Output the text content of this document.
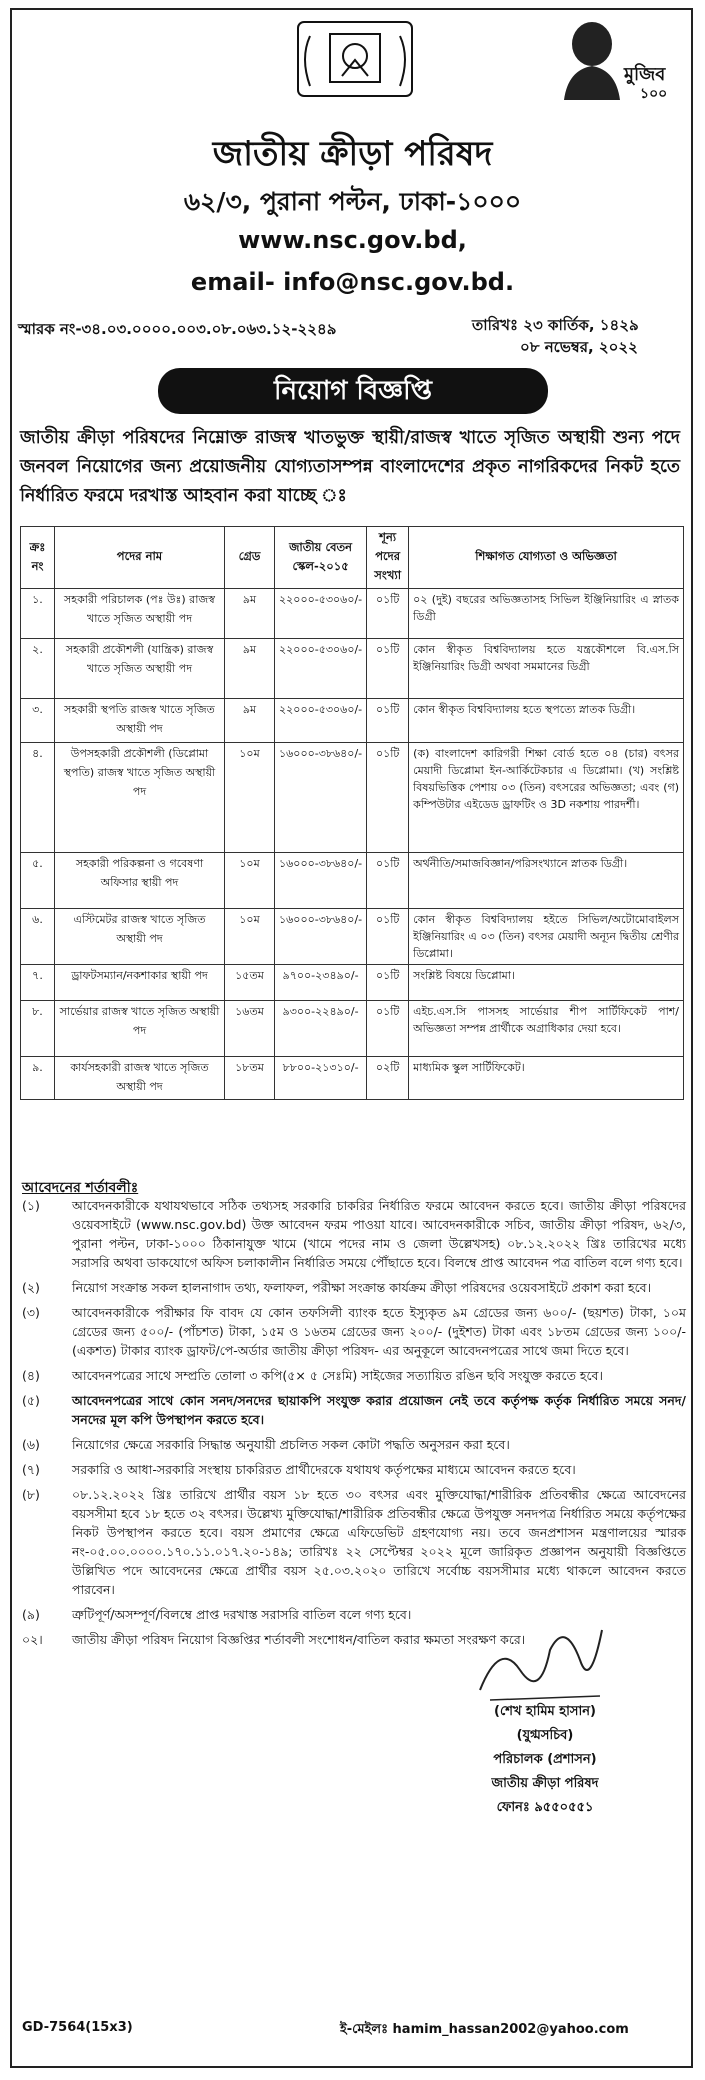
মুজিব
১০০
জাতীয় ক্রীড়া পরিষদ
৬২/৩, পুরানা পল্টন, ঢাকা-১০০০
www.nsc.gov.bd,
email- info@nsc.gov.bd.
স্মারক নং-৩৪.০৩.০০০০.০০৩.০৮.০৬৩.১২-২২৪৯	তারিখঃ ২৩ কার্তিক, ১৪২৯
০৮ নভেম্বর, ২০২২
নিয়োগ বিজ্ঞপ্তি
জাতীয় ক্রীড়া পরিষদের নিম্নোক্ত রাজস্ব খাতভুক্ত স্থায়ী/রাজস্ব খাতে সৃজিত অস্থায়ী শুন্য পদে জনবল নিয়োগের জন্য প্রয়োজনীয় যোগ্যতাসম্পন্ন বাংলাদেশের প্রকৃত নাগরিকদের নিকট হতে নির্ধারিত ফরমে দরখাস্ত আহবান করা যাচ্ছে ঃ
ক্রঃ নং	পদের নাম	গ্রেড	জাতীয় বেতন স্কেল-২০১৫	শূন্য পদের সংখ্যা	শিক্ষাগত যোগ্যতা ও অভিজ্ঞতা
১.	সহকারী পরিচালক (পঃ উঃ) রাজস্ব খাতে সৃজিত অস্থায়ী পদ	৯ম	২২০০০-৫৩০৬০/-	০১টি	০২ (দুই) বছরের অভিজ্ঞতাসহ সিভিল ইঞ্জিনিয়ারিং এ স্নাতক ডিগ্রী
২.	সহকারী প্রকৌশলী (যান্ত্রিক) রাজস্ব খাতে সৃজিত অস্থায়ী পদ	৯ম	২২০০০-৫৩০৬০/-	০১টি	কোন স্বীকৃত বিশ্ববিদ্যালয় হতে যন্ত্রকৌশলে বি.এস.সি ইঞ্জিনিয়ারিং ডিগ্রী অথবা সমমানের ডিগ্রী
৩.	সহকারী স্থপতি রাজস্ব খাতে সৃজিত অস্থায়ী পদ	৯ম	২২০০০-৫৩০৬০/-	০১টি	কোন স্বীকৃত বিশ্ববিদ্যালয় হতে স্থপত্যে স্নাতক ডিগ্রী।
৪.	উপসহকারী প্রকৌশলী (ডিপ্লোমা স্থপতি) রাজস্ব খাতে সৃজিত অস্থায়ী পদ	১০ম	১৬০০০-৩৮৬৪০/-	০১টি	(ক) বাংলাদেশ কারিগরী শিক্ষা বোর্ড হতে ০৪ (চার) বৎসর মেয়াদী ডিপ্লোমা ইন-আর্কিটেকচার এ ডিপ্লোমা। (খ) সংশ্লিষ্ট বিষয়ভিত্তিক পেশায় ০৩ (তিন) বৎসরের অভিজ্ঞতা; এবং (গ) কম্পিউটার এইডেড ড্রাফটিং ও 3D নকশায় পারদর্শী।
৫.	সহকারী পরিকল্পনা ও গবেষণা অফিসার স্থায়ী পদ	১০ম	১৬০০০-৩৮৬৪০/-	০১টি	অর্থনীতি/সমাজবিজ্ঞান/পরিসংখ্যানে স্নাতক ডিগ্রী।
৬.	এস্টিমেটর রাজস্ব খাতে সৃজিত অস্থায়ী পদ	১০ম	১৬০০০-৩৮৬৪০/-	০১টি	কোন স্বীকৃত বিশ্ববিদ্যালয় হইতে সিভিল/অটোমোবাইলস ইঞ্জিনিয়ারিং এ ০৩ (তিন) বৎসর মেয়াদী অন্যূন দ্বিতীয় শ্রেণীর ডিপ্লোমা।
৭.	ড্রাফটসম্যান/নকশাকার স্থায়ী পদ	১৫তম	৯৭০০-২৩৪৯০/-	০১টি	সংশ্লিষ্ট বিষয়ে ডিপ্লোমা।
৮.	সার্ভেয়ার রাজস্ব খাতে সৃজিত অস্থায়ী পদ	১৬তম	৯৩০০-২২৪৯০/-	০১টি	এইচ.এস.সি পাসসহ সার্ভেয়ার শীপ সার্টিফিকেট পাশ/অভিজ্ঞতা সম্পন্ন প্রার্থীকে অগ্রাধিকার দেয়া হবে।
৯.	কার্যসহকারী রাজস্ব খাতে সৃজিত অস্থায়ী পদ	১৮তম	৮৮০০-২১৩১০/-	০২টি	মাধ্যমিক স্কুল সার্টিফিকেট।
আবেদনের শর্তাবলীঃ
(১)	আবেদনকারীকে যথাযথভাবে সঠিক তথ্যসহ সরকারি চাকরির নির্ধারিত ফরমে আবেদন করতে হবে। জাতীয় ক্রীড়া পরিষদের ওয়েবসাইটে (www.nsc.gov.bd) উক্ত আবেদন ফরম পাওয়া যাবে। আবেদনকারীকে সচিব, জাতীয় ক্রীড়া পরিষদ, ৬২/৩, পুরানা পল্টন, ঢাকা-১০০০ ঠিকানাযুক্ত খামে (খামে পদের নাম ও জেলা উল্লেখসহ) ০৮.১২.২০২২ খ্রিঃ তারিখের মধ্যে সরাসরি অথবা ডাকযোগে অফিস চলাকালীন নির্ধারিত সময়ে পৌঁছাতে হবে। বিলম্বে প্রাপ্ত আবেদন পত্র বাতিল বলে গণ্য হবে।
(২)	নিয়োগ সংক্রান্ত সকল হালনাগাদ তথ্য, ফলাফল, পরীক্ষা সংক্রান্ত কার্যক্রম ক্রীড়া পরিষদের ওয়েবসাইটে প্রকাশ করা হবে।
(৩)	আবেদনকারীকে পরীক্ষার ফি বাবদ যে কোন তফসিলী ব্যাংক হতে ইস্যুকৃত ৯ম গ্রেডের জন্য ৬০০/- (ছয়শত) টাকা, ১০ম গ্রেডের জন্য ৫০০/- (পাঁচশত) টাকা, ১৫ম ও ১৬তম গ্রেডের জন্য ২০০/- (দুইশত) টাকা এবং ১৮তম গ্রেডের জন্য ১০০/- (একশত) টাকার ব্যাংক ড্রাফট/পে-অর্ডার জাতীয় ক্রীড়া পরিষদ- এর অনুকূলে আবেদনপত্রের সাথে জমা দিতে হবে।
(৪)	আবেদনপত্রের সাথে সম্প্রতি তোলা ৩ কপি(৫× ৫ সেঃমি) সাইজের সত্যায়িত রঙিন ছবি সংযুক্ত করতে হবে।
(৫)	আবেদনপত্রের সাথে কোন সনদ/সনদের ছায়াকপি সংযুক্ত করার প্রয়োজন নেই তবে কর্তৃপক্ষ কর্তৃক নির্ধারিত সময়ে সনদ/সনদের মূল কপি উপস্থাপন করতে হবে।
(৬)	নিয়োগের ক্ষেত্রে সরকারি সিদ্ধান্ত অনুযায়ী প্রচলিত সকল কোটা পদ্ধতি অনুসরন করা হবে।
(৭)	সরকারি ও আধা-সরকারি সংস্থায় চাকরিরত প্রার্থীদেরকে যথাযথ কর্তৃপক্ষের মাধ্যমে আবেদন করতে হবে।
(৮)	০৮.১২.২০২২ খ্রিঃ তারিখে প্রার্থীর বয়স ১৮ হতে ৩০ বৎসর এবং মুক্তিযোদ্ধা/শারীরিক প্রতিবন্ধীর ক্ষেত্রে আবেদনের বয়সসীমা হবে ১৮ হতে ৩২ বৎসর। উল্লেখ্য মুক্তিযোদ্ধা/শারীরিক প্রতিবন্ধীর ক্ষেত্রে উপযুক্ত সনদপত্র নির্ধারিত সময়ে কর্তৃপক্ষের নিকট উপস্থাপন করতে হবে। বয়স প্রমাণের ক্ষেত্রে এফিডেভিট গ্রহণযোগ্য নয়। তবে জনপ্রশাসন মন্ত্রণালয়ের স্মারক নং-০৫.০০.০০০০.১৭০.১১.০১৭.২০-১৪৯; তারিখঃ ২২ সেপ্টেম্বর ২০২২ মূলে জারিকৃত প্রজ্ঞাপন অনুযায়ী বিজ্ঞপ্তিতে উল্লিখিত পদে আবেদনের ক্ষেত্রে প্রার্থীর বয়স ২৫.০৩.২০২০ তারিখে সর্বোচ্চ বয়সসীমার মধ্যে থাকলে আবেদন করতে পারবেন।
(৯)	ত্রুটিপূর্ণ/অসম্পূর্ণ/বিলম্বে প্রাপ্ত দরখাস্ত সরাসরি বাতিল বলে গণ্য হবে।
০২।	জাতীয় ক্রীড়া পরিষদ নিয়োগ বিজ্ঞপ্তির শর্তাবলী সংশোধন/বাতিল করার ক্ষমতা সংরক্ষণ করে।
(শেখ হামিম হাসান)
(যুগ্মসচিব)
পরিচালক (প্রশাসন)
জাতীয় ক্রীড়া পরিষদ
ফোনঃ ৯৫৫০৫৫১
GD-7564(15x3)	ই-মেইলঃ hamim_hassan2002@yahoo.com
